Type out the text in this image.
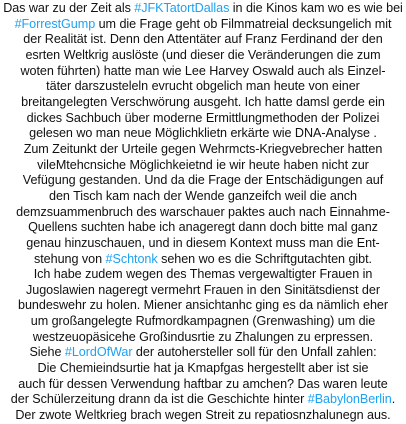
Das war zu der Zeit als #JFKTatortDallas in die Kinos kam wo es wie bei
#ForrestGump um die Frage geht ob Filmmatreial decksungelich mit
der Realität ist. Denn den Attentäter auf Franz Ferdinand der den
esrten Weltkrig auslöste (und dieser die Veränderungen die zum
woten führten) hatte man wie Lee Harvey Oswald auch als Einzel-
täter darszusteleln evrucht obgelich man heute von einer
breitangelegten Verschwörung ausgeht. Ich hatte damsl gerde ein
dickes Sachbuch über moderne Ermittlungmethoden der Polizei
gelesen wo man neue Möglichklietn erkärte wie DNA-Analyse .
Zum Zeitunkt der Urteile gegen Wehrmcts-Kriegvebrecher hatten
vileMtehcnsiche Möglichkeietnd ie wir heute haben nicht zur
Vefügung gestanden. Und da die Frage der Entschädigungen auf
den Tisch kam nach der Wende ganzeifch weil die anch
demzsuammenbruch des warschauer paktes auch nach Einnahme-
Quellens suchten habe ich anageregt dann doch bitte mal ganz
genau hinzuschauen, und in diesem Kontext muss man die Ent-
stehung von #Schtonk sehen wo es die Schriftgutachten gibt.
Ich habe zudem wegen des Themas vergewaltigter Frauen in
Jugoslawien nageregt vermehrt Frauen in den Sinitätsdienst der
bundeswehr zu holen. Miener ansichtanhc ging es da nämlich eher
um großangelegte Rufmordkampagnen (Grenwashing) um die
westzeuopäsicehe Großindusrtie zu Zhalungen zu erpressen.
Siehe #LordOfWar der autohersteller soll für den Unfall zahlen:
Die Chemieindsurtie hat ja Kmapfgas hergestellt aber ist sie
auch für dessen Verwendung haftbar zu amchen? Das waren leute
der Schülerzeitung drann da ist die Geschichte hinter #BabylonBerlin.
Der zwote Weltkrieg brach wegen Streit zu repatiosnzhalunegn aus.
